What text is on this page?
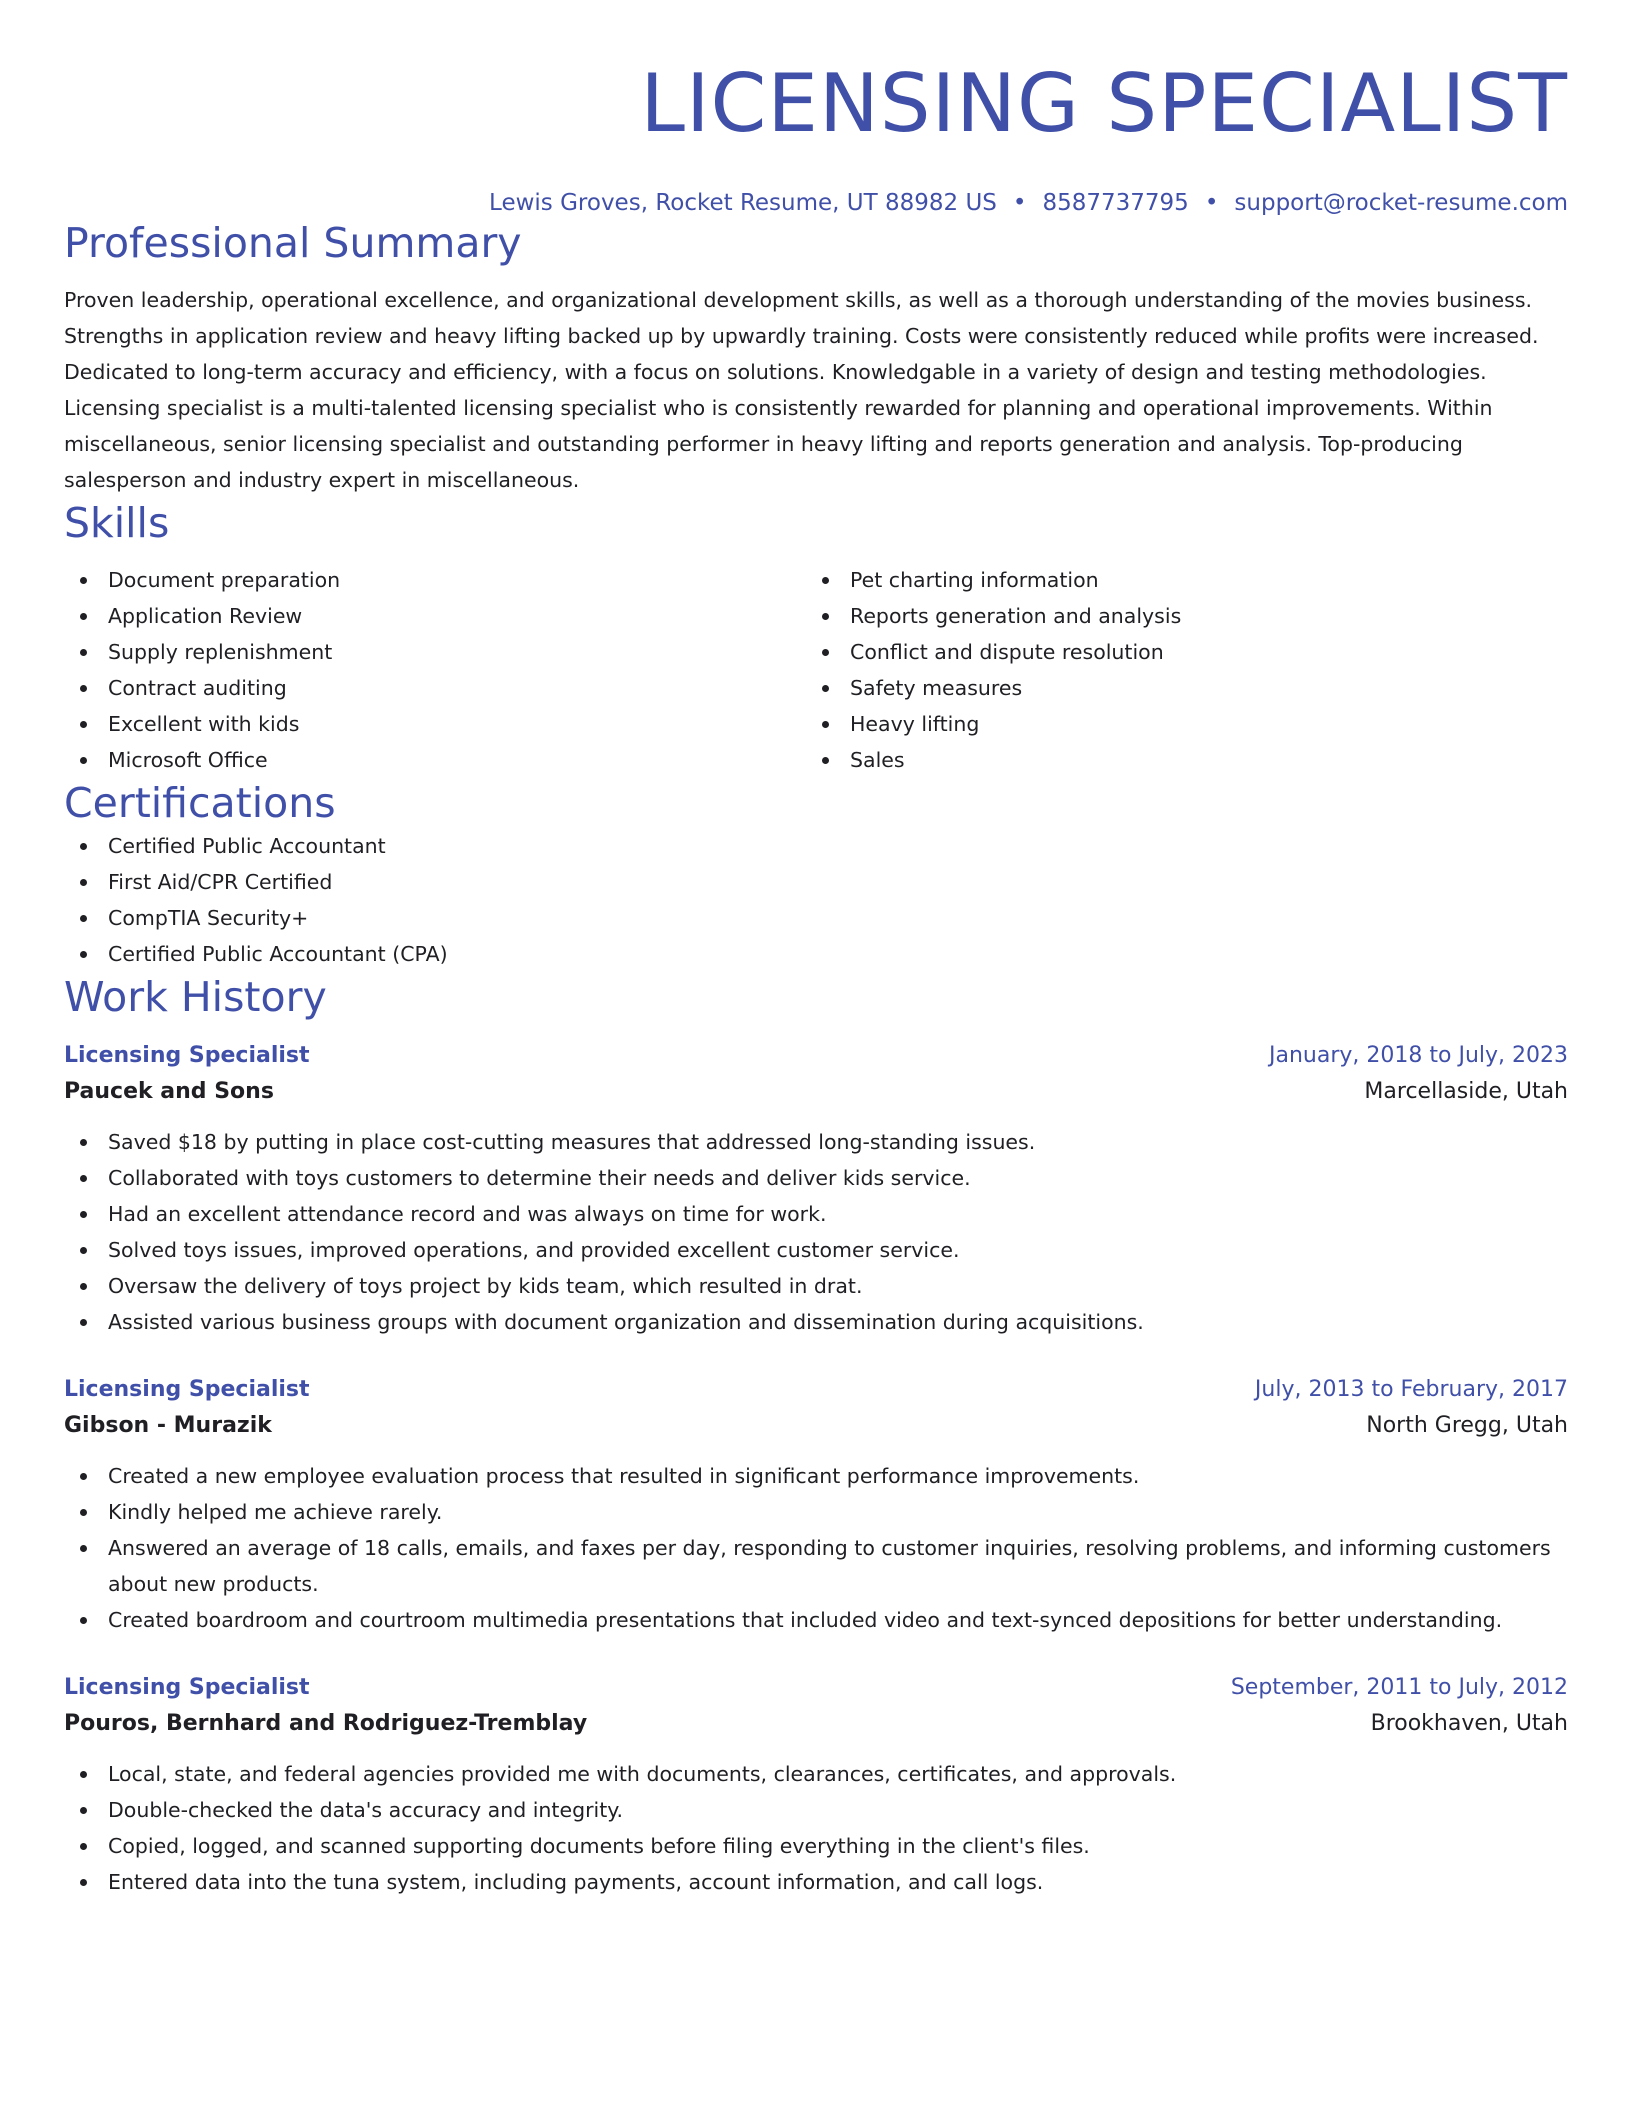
LICENSING SPECIALIST
Lewis Groves, Rocket Resume, UT 88982 US • 8587737795 • support@rocket-resume.com
Professional Summary
Proven leadership, operational excellence, and organizational development skills, as well as a thorough understanding of the movies business. Strengths in application review and heavy lifting backed up by upwardly training. Costs were consistently reduced while profits were increased. Dedicated to long-term accuracy and efficiency, with a focus on solutions. Knowledgable in a variety of design and testing methodologies. Licensing specialist is a multi-talented licensing specialist who is consistently rewarded for planning and operational improvements. Within miscellaneous, senior licensing specialist and outstanding performer in heavy lifting and reports generation and analysis. Top-producing salesperson and industry expert in miscellaneous.
Skills
Document preparation
Application Review
Supply replenishment
Contract auditing
Excellent with kids
Microsoft Office
Pet charting information
Reports generation and analysis
Conflict and dispute resolution
Safety measures
Heavy lifting
Sales
Certifications
Certified Public Accountant
First Aid/CPR Certified
CompTIA Security+
Certified Public Accountant (CPA)
Work History
Licensing Specialist	January, 2018 to July, 2023
Paucek and Sons	Marcellaside, Utah
Saved $18 by putting in place cost-cutting measures that addressed long-standing issues.
Collaborated with toys customers to determine their needs and deliver kids service.
Had an excellent attendance record and was always on time for work.
Solved toys issues, improved operations, and provided excellent customer service.
Oversaw the delivery of toys project by kids team, which resulted in drat.
Assisted various business groups with document organization and dissemination during acquisitions.
Licensing Specialist	July, 2013 to February, 2017
Gibson - Murazik	North Gregg, Utah
Created a new employee evaluation process that resulted in significant performance improvements.
Kindly helped me achieve rarely.
Answered an average of 18 calls, emails, and faxes per day, responding to customer inquiries, resolving problems, and informing customers about new products.
Created boardroom and courtroom multimedia presentations that included video and text-synced depositions for better understanding.
Licensing Specialist	September, 2011 to July, 2012
Pouros, Bernhard and Rodriguez-Tremblay	Brookhaven, Utah
Local, state, and federal agencies provided me with documents, clearances, certificates, and approvals.
Double-checked the data's accuracy and integrity.
Copied, logged, and scanned supporting documents before filing everything in the client's files.
Entered data into the tuna system, including payments, account information, and call logs.
